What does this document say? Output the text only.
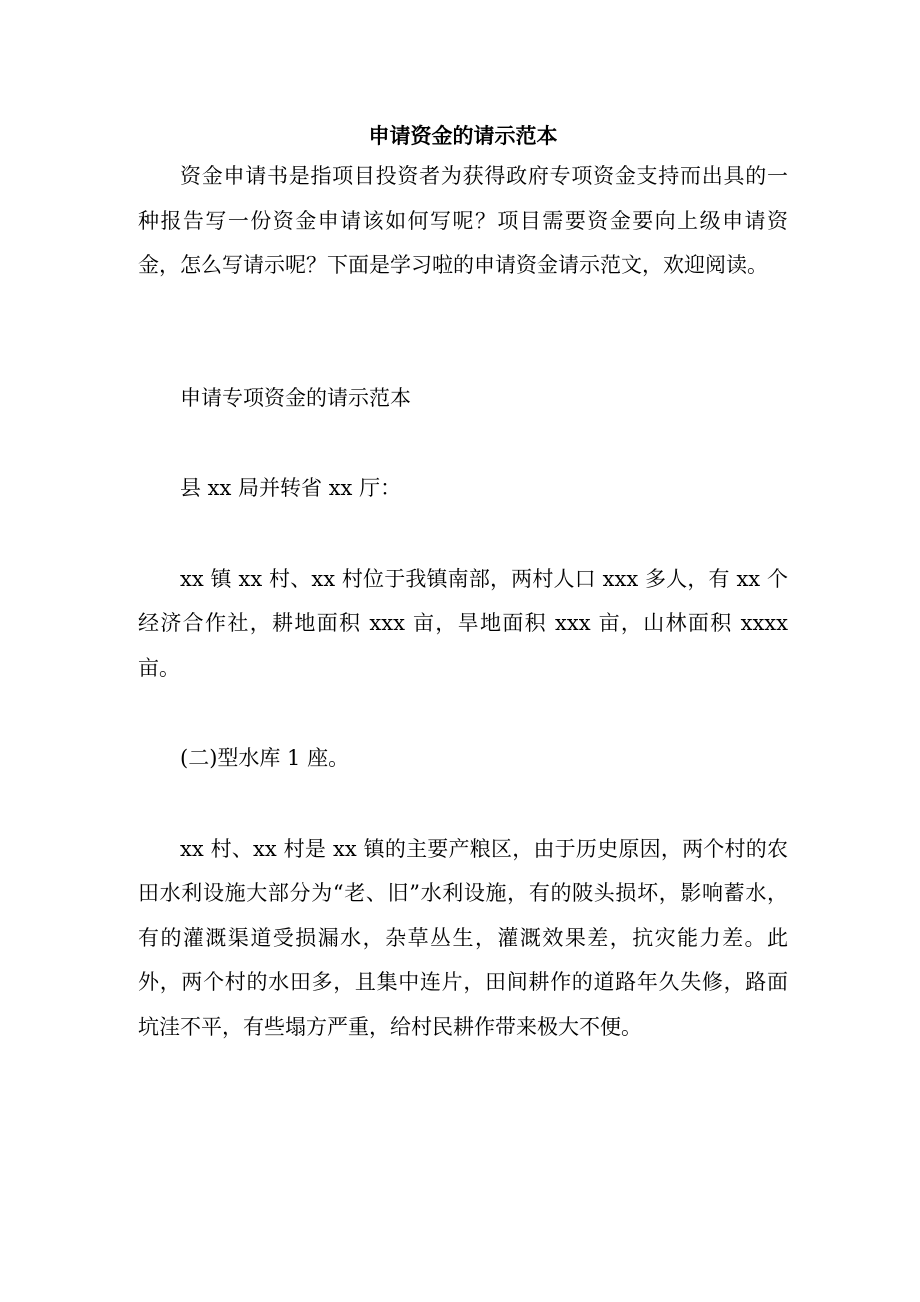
申请资金的请示范本

资金申请书是指项目投资者为获得政府专项资金支持而出具的一种报告写一份资金申请该如何写呢？项目需要资金要向上级申请资金，怎么写请示呢？下面是学习啦的申请资金请示范文，欢迎阅读。

申请专项资金的请示范本

县 xx 局并转省 xx 厅：

xx 镇 xx 村、xx 村位于我镇南部，两村人口 xxx 多人，有 xx 个经济合作社，耕地面积 xxx 亩，旱地面积 xxx 亩，山林面积 xxxx 亩。

(二)型水库 1 座。

xx 村、xx 村是 xx 镇的主要产粮区，由于历史原因，两个村的农田水利设施大部分为“老、旧”水利设施，有的陂头损坏，影响蓄水，有的灌溉渠道受损漏水，杂草丛生，灌溉效果差，抗灾能力差。此外，两个村的水田多，且集中连片，田间耕作的道路年久失修，路面坑洼不平，有些塌方严重，给村民耕作带来极大不便。
